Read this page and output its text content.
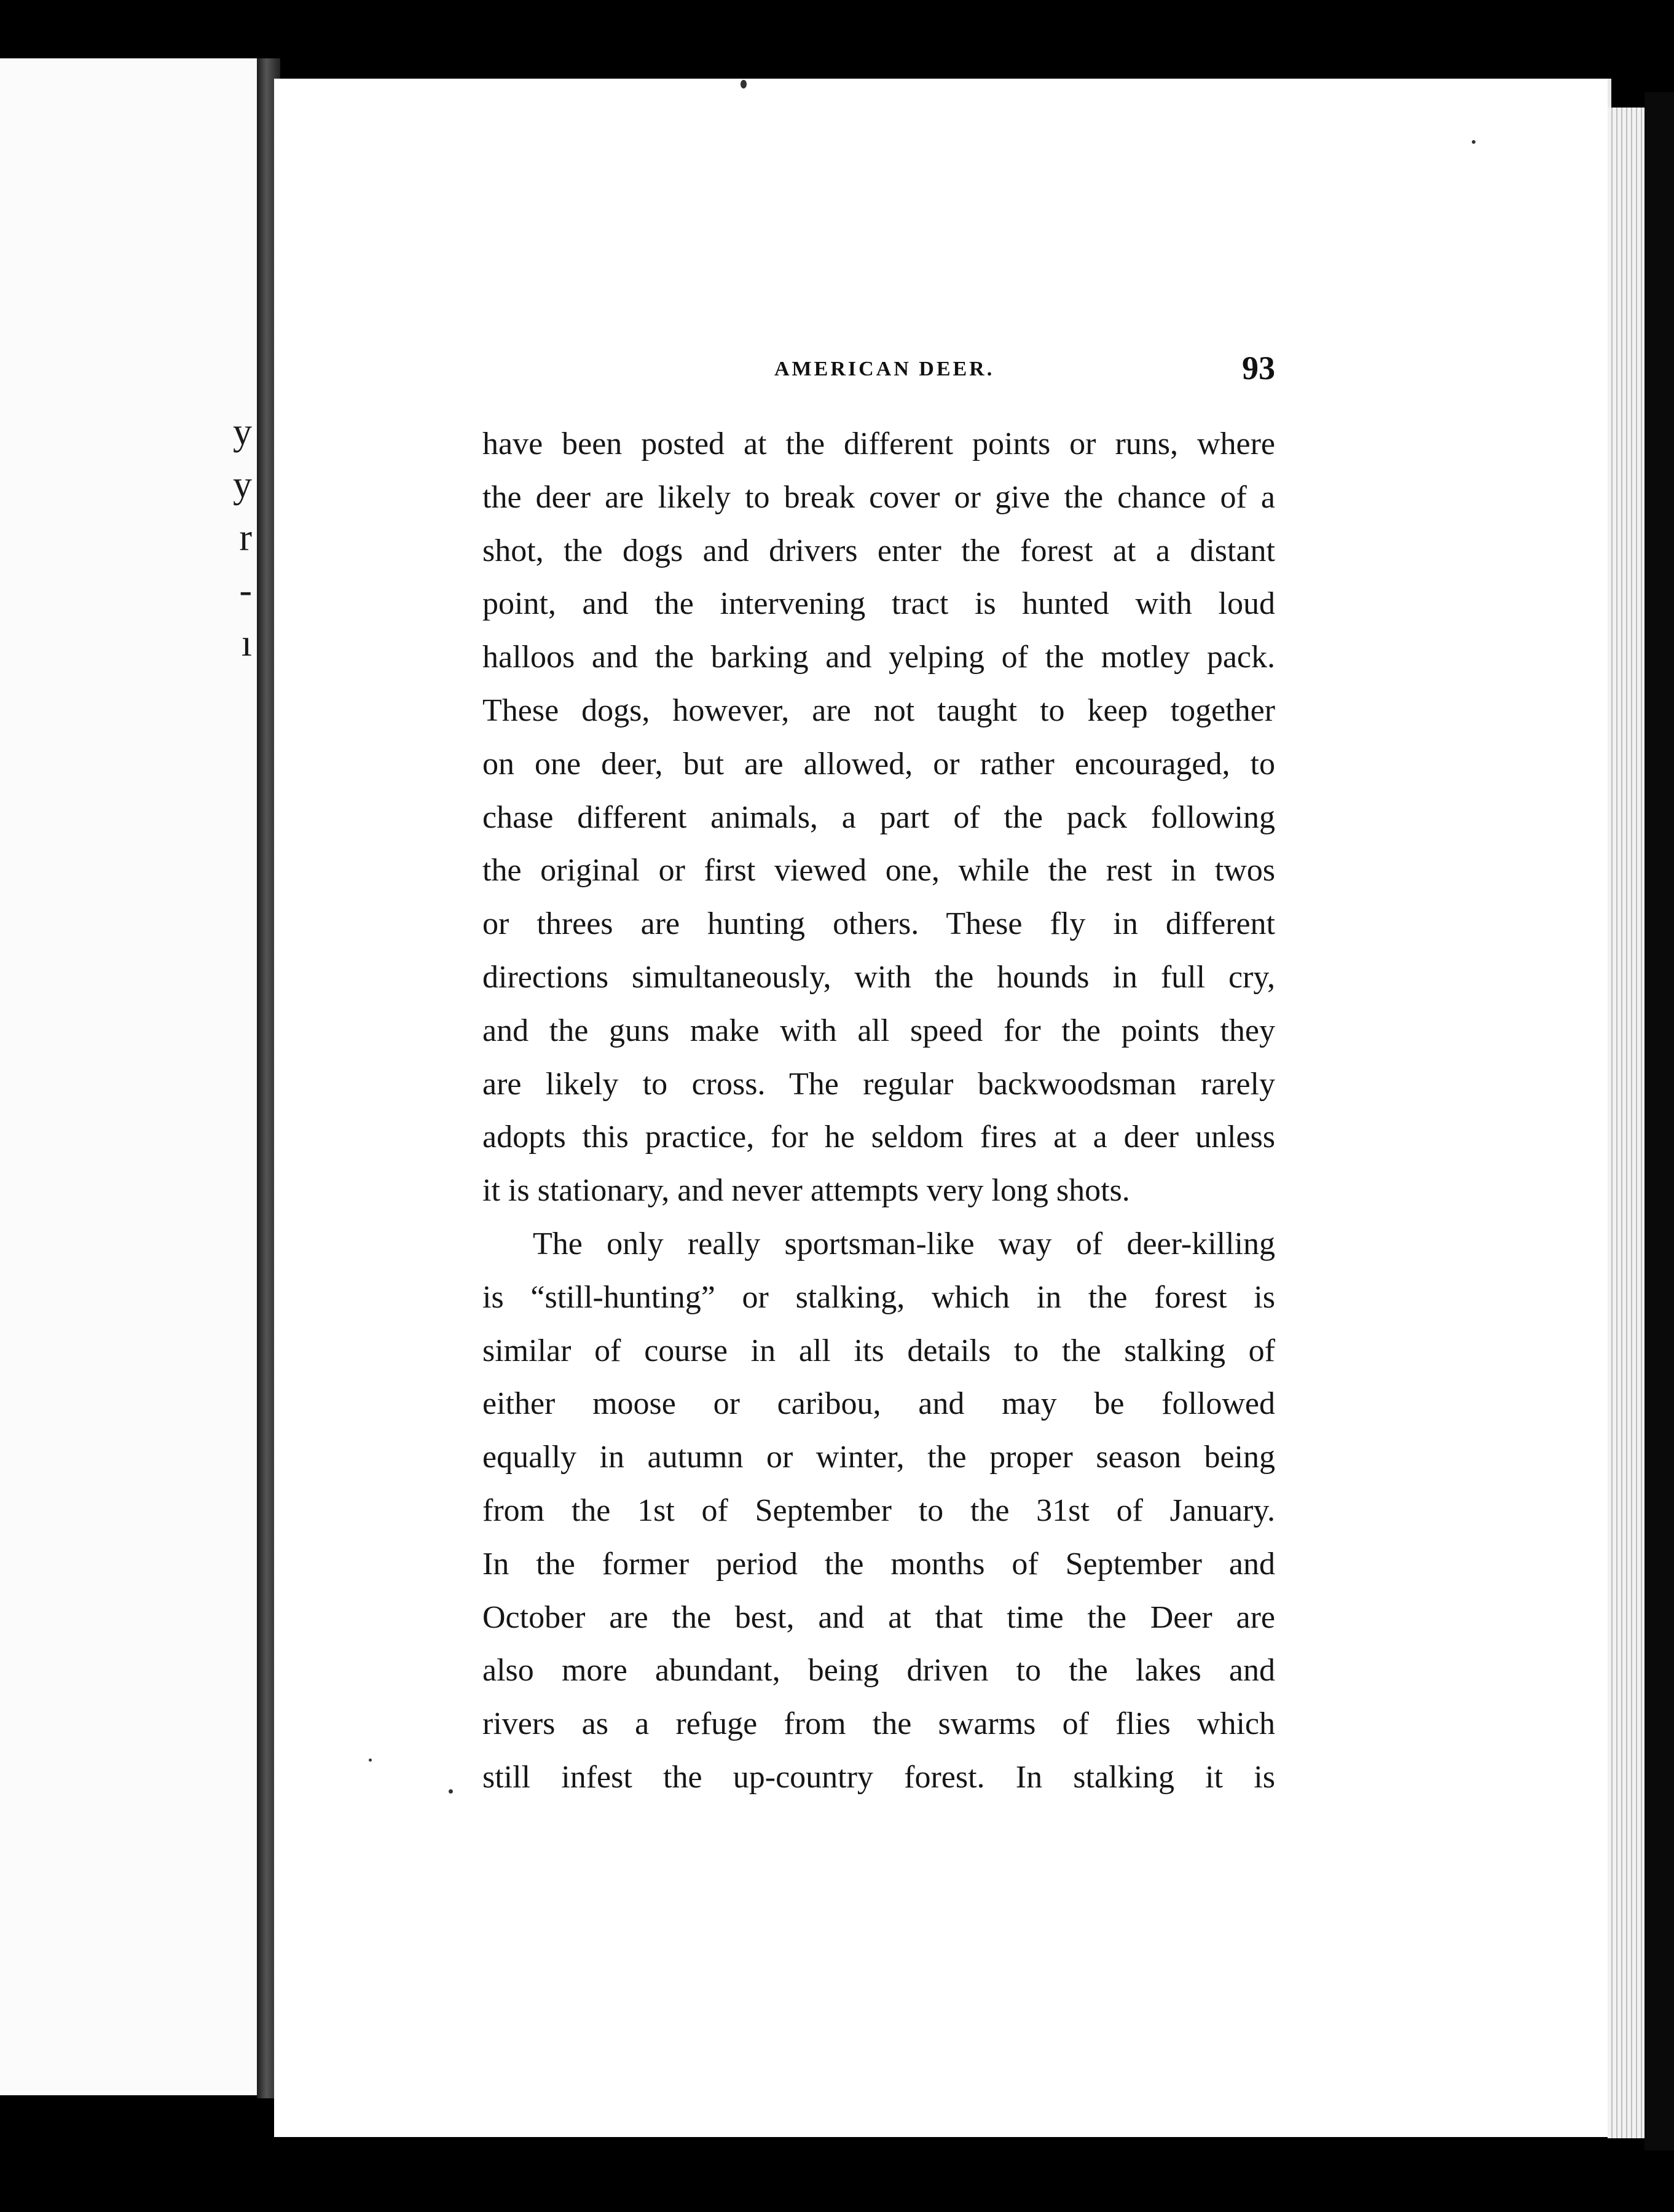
y
y
r
-
ı
AMERICAN DEER.	93
have been posted at the different points or runs, where
the deer are likely to break cover or give the chance of a
shot, the dogs and drivers enter the forest at a distant
point, and the intervening tract is hunted with loud
halloos and the barking and yelping of the motley pack.
These dogs, however, are not taught to keep together
on one deer, but are allowed, or rather encouraged, to
chase different animals, a part of the pack following
the original or first viewed one, while the rest in twos
or threes are hunting others. These fly in different
directions simultaneously, with the hounds in full cry,
and the guns make with all speed for the points they
are likely to cross. The regular backwoodsman rarely
adopts this practice, for he seldom fires at a deer unless
it is stationary, and never attempts very long shots.
The only really sportsman-like way of deer-killing
is “still-hunting” or stalking, which in the forest is
similar of course in all its details to the stalking of
either moose or caribou, and may be followed
equally in autumn or winter, the proper season being
from the 1st of September to the 31st of January.
In the former period the months of September and
October are the best, and at that time the Deer are
also more abundant, being driven to the lakes and
rivers as a refuge from the swarms of flies which
still infest the up-country forest. In stalking it is
